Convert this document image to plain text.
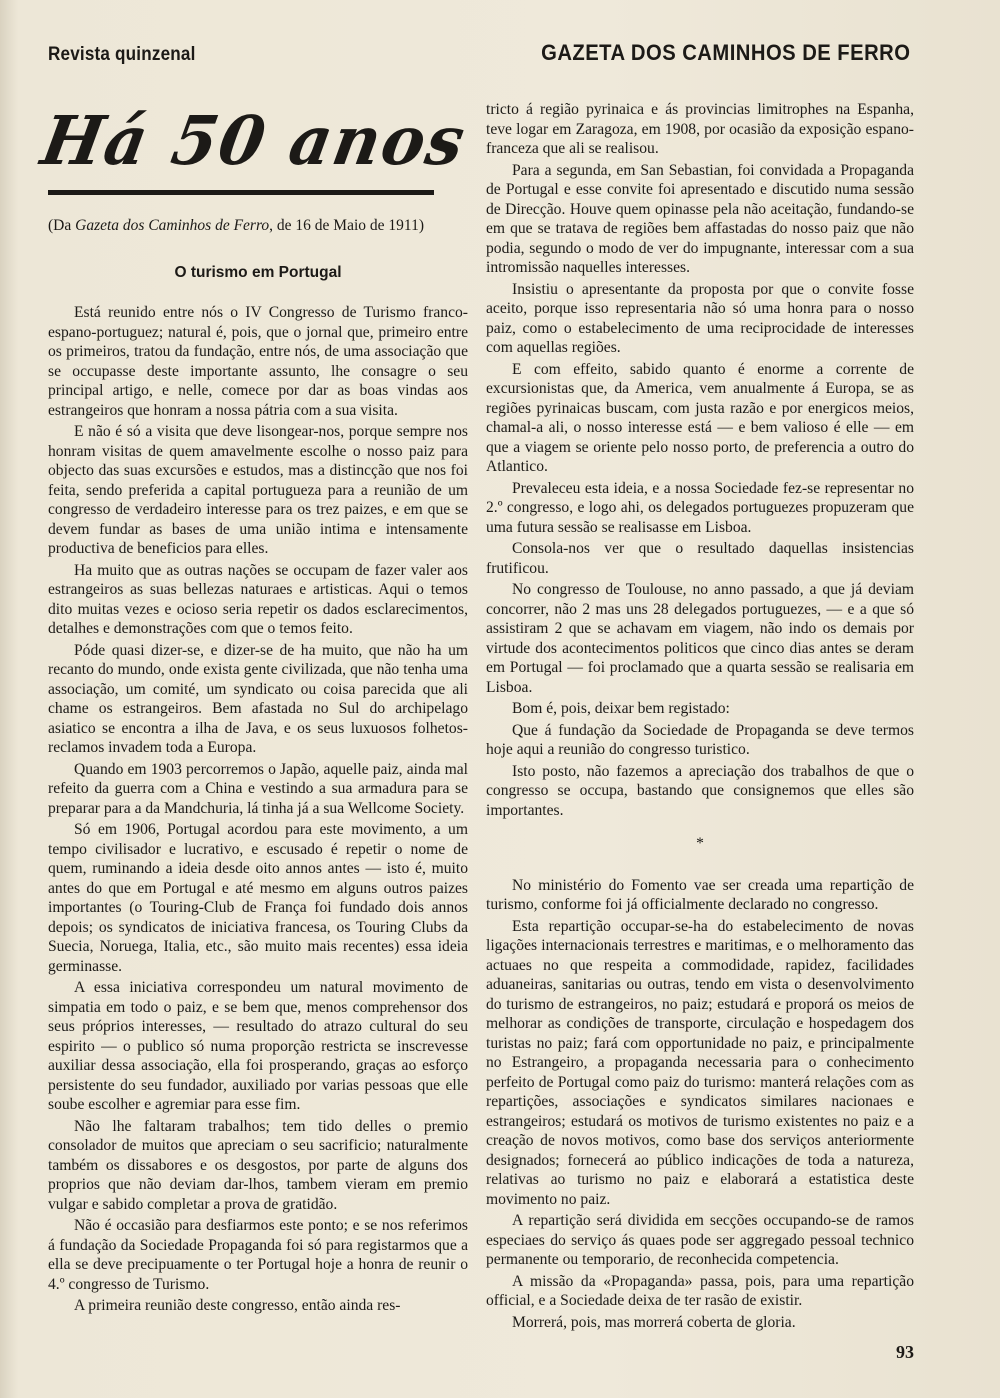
Revista quinzenal	GAZETA DOS CAMINHOS DE FERRO
Há 50 anos
(Da Gazeta dos Caminhos de Ferro, de 16 de Maio de 1911)
O turismo em Portugal

Está reunido entre nós o IV Congresso de Turismo franco-espano-portuguez; natural é, pois, que o jornal que, primeiro entre os primeiros, tratou da fundação, entre nós, de uma associação que se occupasse deste importante assunto, lhe consagre o seu principal artigo, e nelle, comece por dar as boas vindas aos estrangeiros que honram a nossa pátria com a sua visita.

E não é só a visita que deve lisongear-nos, porque sempre nos honram visitas de quem amavelmente escolhe o nosso paiz para objecto das suas excursões e estudos, mas a distincção que nos foi feita, sendo preferida a capital portugueza para a reunião de um congresso de verdadeiro interesse para os trez paizes, e em que se devem fundar as bases de uma união intima e intensamente productiva de beneficios para elles.

Ha muito que as outras nações se occupam de fazer valer aos estrangeiros as suas bellezas naturaes e artisticas. Aqui o temos dito muitas vezes e ocioso seria repetir os dados esclarecimentos, detalhes e demonstrações com que o temos feito.

Póde quasi dizer-se, e dizer-se de ha muito, que não ha um recanto do mundo, onde exista gente civilizada, que não tenha uma associação, um comité, um syndicato ou coisa parecida que ali chame os estrangeiros. Bem afastada no Sul do archipelago asiatico se encontra a ilha de Java, e os seus luxuosos folhetos-reclamos invadem toda a Europa.

Quando em 1903 percorremos o Japão, aquelle paiz, ainda mal refeito da guerra com a China e vestindo a sua armadura para se preparar para a da Mandchuria, lá tinha já a sua Wellcome Society.

Só em 1906, Portugal acordou para este movimento, a um tempo civilisador e lucrativo, e escusado é repetir o nome de quem, ruminando a ideia desde oito annos antes — isto é, muito antes do que em Portugal e até mesmo em alguns outros paizes importantes (o Touring-Club de França foi fundado dois annos depois; os syndicatos de iniciativa francesa, os Touring Clubs da Suecia, Noruega, Italia, etc., são muito mais recentes) essa ideia germinasse.

A essa iniciativa correspondeu um natural movimento de simpatia em todo o paiz, e se bem que, menos comprehensor dos seus próprios interesses, — resultado do atrazo cultural do seu espirito — o publico só numa proporção restricta se inscrevesse auxiliar dessa associação, ella foi prosperando, graças ao esforço persistente do seu fundador, auxiliado por varias pessoas que elle soube escolher e agremiar para esse fim.

Não lhe faltaram trabalhos; tem tido delles o premio consolador de muitos que apreciam o seu sacrificio; naturalmente também os dissabores e os desgostos, por parte de alguns dos proprios que não deviam dar-lhos, tambem vieram em premio vulgar e sabido completar a prova de gratidão.

Não é occasião para desfiarmos este ponto; e se nos referimos á fundação da Sociedade Propaganda foi só para registarmos que a ella se deve precipuamente o ter Portugal hoje a honra de reunir o 4.º congresso de Turismo.

A primeira reunião deste congresso, então ainda res-

tricto á região pyrinaica e ás provincias limitrophes na Espanha, teve logar em Zaragoza, em 1908, por ocasião da exposição espano-franceza que ali se realisou.

Para a segunda, em San Sebastian, foi convidada a Propaganda de Portugal e esse convite foi apresentado e discutido numa sessão de Direcção. Houve quem opinasse pela não aceitação, fundando-se em que se tratava de regiões bem affastadas do nosso paiz que não podia, segundo o modo de ver do impugnante, interessar com a sua intromissão naquelles interesses.

Insistiu o apresentante da proposta por que o convite fosse aceito, porque isso representaria não só uma honra para o nosso paiz, como o estabelecimento de uma reciprocidade de interesses com aquellas regiões.

E com effeito, sabido quanto é enorme a corrente de excursionistas que, da America, vem anualmente á Europa, se as regiões pyrinaicas buscam, com justa razão e por energicos meios, chamal-a ali, o nosso interesse está — e bem valioso é elle — em que a viagem se oriente pelo nosso porto, de preferencia a outro do Atlantico.

Prevaleceu esta ideia, e a nossa Sociedade fez-se representar no 2.º congresso, e logo ahi, os delegados portuguezes propuzeram que uma futura sessão se realisasse em Lisboa.

Consola-nos ver que o resultado daquellas insistencias frutificou.

No congresso de Toulouse, no anno passado, a que já deviam concorrer, não 2 mas uns 28 delegados portuguezes, — e a que só assistiram 2 que se achavam em viagem, não indo os demais por virtude dos acontecimentos politicos que cinco dias antes se deram em Portugal — foi proclamado que a quarta sessão se realisaria em Lisboa.

Bom é, pois, deixar bem registado:

Que á fundação da Sociedade de Propaganda se deve termos hoje aqui a reunião do congresso turistico.

Isto posto, não fazemos a apreciação dos trabalhos de que o congresso se occupa, bastando que consignemos que elles são importantes.

*

No ministério do Fomento vae ser creada uma repartição de turismo, conforme foi já officialmente declarado no congresso.

Esta repartição occupar-se-ha do estabelecimento de novas ligações internacionais terrestres e maritimas, e o melhoramento das actuaes no que respeita a commodidade, rapidez, facilidades aduaneiras, sanitarias ou outras, tendo em vista o desenvolvimento do turismo de estrangeiros, no paiz; estudará e proporá os meios de melhorar as condições de transporte, circulação e hospedagem dos turistas no paiz; fará com opportunidade no paiz, e principalmente no Estrangeiro, a propaganda necessaria para o conhecimento perfeito de Portugal como paiz do turismo: manterá relações com as repartições, associações e syndicatos similares nacionaes e estrangeiros; estudará os motivos de turismo existentes no paiz e a creação de novos motivos, como base dos serviços anteriormente designados; fornecerá ao público indicações de toda a natureza, relativas ao turismo no paiz e elaborará a estatistica deste movimento no paiz.

A repartição será dividida em secções occupando-se de ramos especiaes do serviço ás quaes pode ser aggregado pessoal technico permanente ou temporario, de reconhecida competencia.

A missão da «Propaganda» passa, pois, para uma repartição official, e a Sociedade deixa de ter rasão de existir.

Morrerá, pois, mas morrerá coberta de gloria.

93
